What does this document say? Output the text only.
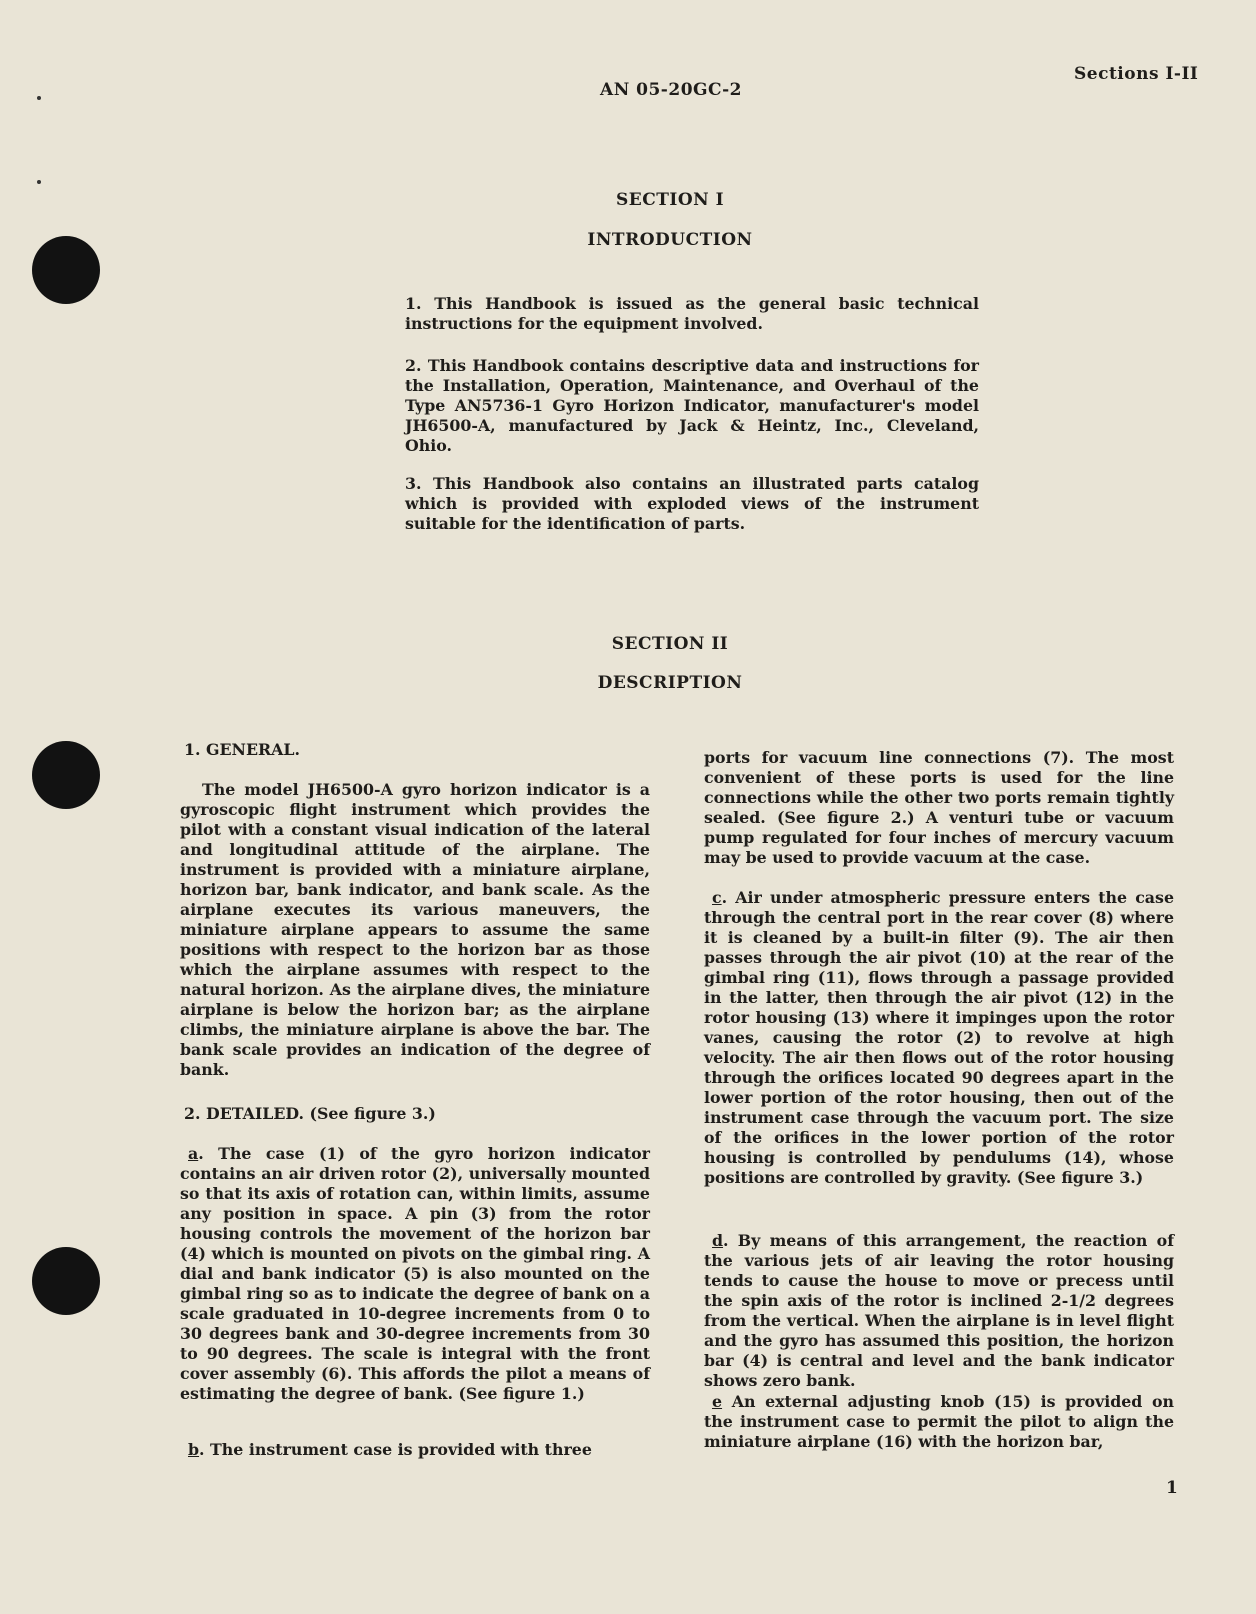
AN 05-20GC-2
Sections I-II
SECTION I
INTRODUCTION
1. This Handbook is issued as the general basic technical instructions for the equipment involved.
2. This Handbook contains descriptive data and instructions for the Installation, Operation, Maintenance, and Overhaul of the Type AN5736-1 Gyro Horizon Indicator, manufacturer's model JH6500-A, manufactured by Jack & Heintz, Inc., Cleveland, Ohio.
3. This Handbook also contains an illustrated parts catalog which is provided with exploded views of the instrument suitable for the identification of parts.
SECTION II
DESCRIPTION
1. GENERAL.
The model JH6500-A gyro horizon indicator is a gyroscopic flight instrument which provides the pilot with a constant visual indication of the lateral and longitudinal attitude of the airplane. The instrument is provided with a miniature airplane, horizon bar, bank indicator, and bank scale. As the airplane executes its various maneuvers, the miniature airplane appears to assume the same positions with respect to the horizon bar as those which the airplane assumes with respect to the natural horizon. As the airplane dives, the miniature airplane is below the horizon bar; as the airplane climbs, the miniature airplane is above the bar. The bank scale provides an indication of the degree of bank.
2. DETAILED. (See figure 3.)
a. The case (1) of the gyro horizon indicator contains an air driven rotor (2), universally mounted so that its axis of rotation can, within limits, assume any position in space. A pin (3) from the rotor housing controls the movement of the horizon bar (4) which is mounted on pivots on the gimbal ring. A dial and bank indicator (5) is also mounted on the gimbal ring so as to indicate the degree of bank on a scale graduated in 10-degree increments from 0 to 30 degrees bank and 30-degree increments from 30 to 90 degrees. The scale is integral with the front cover assembly (6). This affords the pilot a means of estimating the degree of bank. (See figure 1.)
b. The instrument case is provided with three
ports for vacuum line connections (7). The most convenient of these ports is used for the line connections while the other two ports remain tightly sealed. (See figure 2.) A venturi tube or vacuum pump regulated for four inches of mercury vacuum may be used to provide vacuum at the case.
c. Air under atmospheric pressure enters the case through the central port in the rear cover (8) where it is cleaned by a built-in filter (9). The air then passes through the air pivot (10) at the rear of the gimbal ring (11), flows through a passage provided in the latter, then through the air pivot (12) in the rotor housing (13) where it impinges upon the rotor vanes, causing the rotor (2) to revolve at high velocity. The air then flows out of the rotor housing through the orifices located 90 degrees apart in the lower portion of the rotor housing, then out of the instrument case through the vacuum port. The size of the orifices in the lower portion of the rotor housing is controlled by pendulums (14), whose positions are controlled by gravity. (See figure 3.)
d. By means of this arrangement, the reaction of the various jets of air leaving the rotor housing tends to cause the house to move or precess until the spin axis of the rotor is inclined 2-1/2 degrees from the vertical. When the airplane is in level flight and the gyro has assumed this position, the horizon bar (4) is central and level and the bank indicator shows zero bank.
e An external adjusting knob (15) is provided on the instrument case to permit the pilot to align the miniature airplane (16) with the horizon bar,
1
